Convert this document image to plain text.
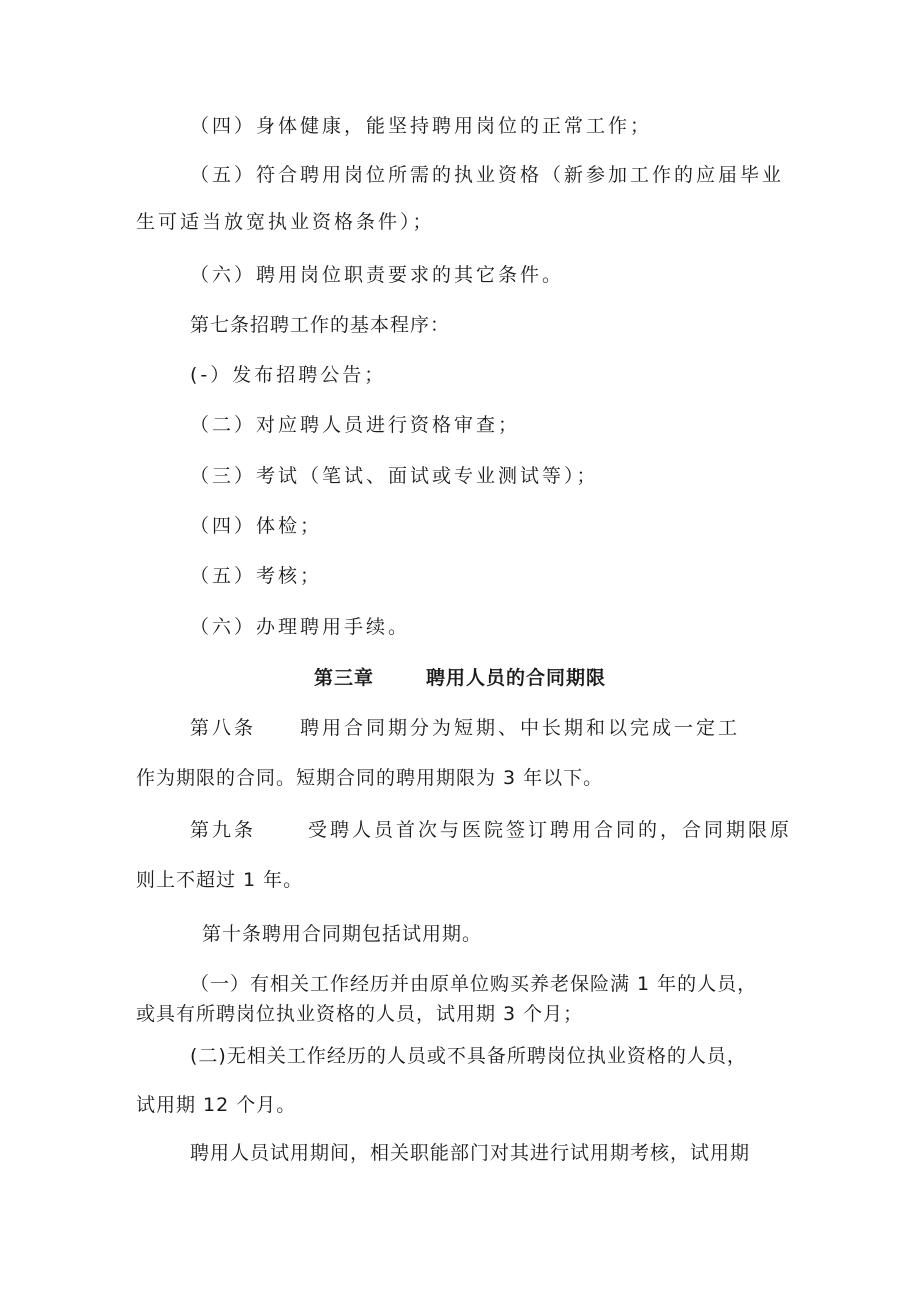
（四）身体健康，能坚持聘用岗位的正常工作；
（五）符合聘用岗位所需的执业资格（新参加工作的应届毕业
生可适当放宽执业资格条件）；
（六）聘用岗位职责要求的其它条件。
第七条招聘工作的基本程序：
(-）发布招聘公告；
（二）对应聘人员进行资格审查；
（三）考试（笔试、面试或专业测试等）；
（四）体检；
（五）考核；
（六）办理聘用手续。
第三章	聘用人员的合同期限
第八条 聘用合同期分为短期、中长期和以完成一定工
作为期限的合同。短期合同的聘用期限为 3 年以下。
第九条	受聘人员首次与医院签订聘用合同的，合同期限原
则上不超过 1 年。
第十条聘用合同期包括试用期。
（一）有相关工作经历并由原单位购买养老保险满 1 年的人员，
或具有所聘岗位执业资格的人员，试用期 3 个月；
(二)无相关工作经历的人员或不具备所聘岗位执业资格的人员，
试用期 12 个月。
聘用人员试用期间，相关职能部门对其进行试用期考核，试用期
